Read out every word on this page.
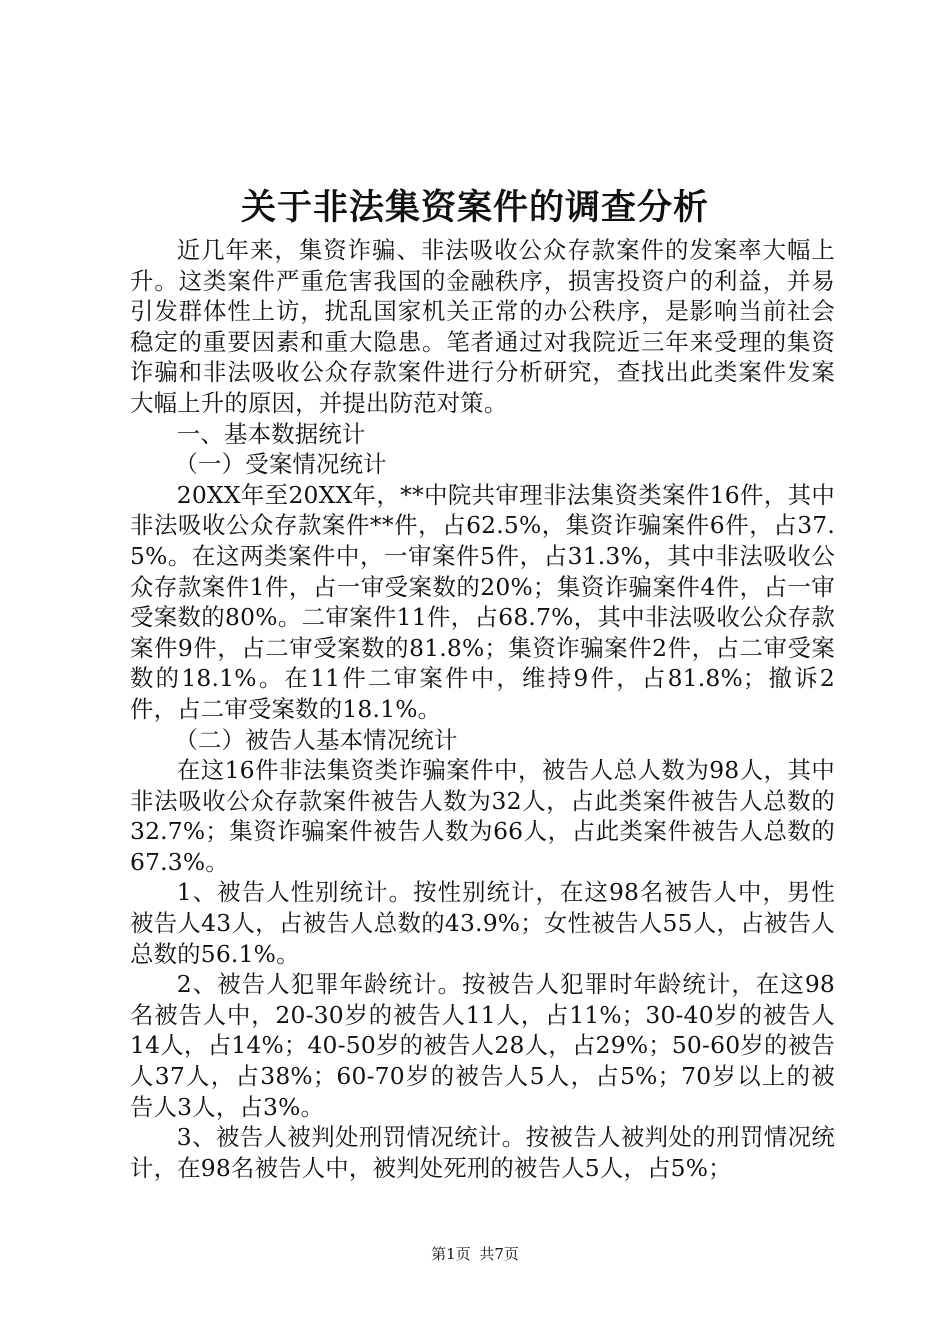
关于非法集资案件的调查分析

近几年来，集资诈骗、非法吸收公众存款案件的发案率大幅上升。这类案件严重危害我国的金融秩序，损害投资户的利益，并易引发群体性上访，扰乱国家机关正常的办公秩序，是影响当前社会稳定的重要因素和重大隐患。笔者通过对我院近三年来受理的集资诈骗和非法吸收公众存款案件进行分析研究，查找出此类案件发案大幅上升的原因，并提出防范对策。

一、基本数据统计

（一）受案情况统计

20XX年至20XX年，**中院共审理非法集资类案件16件，其中非法吸收公众存款案件**件，占62.5%，集资诈骗案件6件，占37.5%。在这两类案件中，一审案件5件，占31.3%，其中非法吸收公众存款案件1件，占一审受案数的20%；集资诈骗案件4件，占一审受案数的80%。二审案件11件，占68.7%，其中非法吸收公众存款案件9件，占二审受案数的81.8%；集资诈骗案件2件，占二审受案数的18.1%。在11件二审案件中，维持9件，占81.8%；撤诉2件，占二审受案数的18.1%。

（二）被告人基本情况统计

在这16件非法集资类诈骗案件中，被告人总人数为98人，其中非法吸收公众存款案件被告人数为32人，占此类案件被告人总数的32.7%；集资诈骗案件被告人数为66人，占此类案件被告人总数的67.3%。

1、被告人性别统计。按性别统计，在这98名被告人中，男性被告人43人，占被告人总数的43.9%；女性被告人55人，占被告人总数的56.1%。

2、被告人犯罪年龄统计。按被告人犯罪时年龄统计，在这98名被告人中，20-30岁的被告人11人，占11%；30-40岁的被告人14人，占14%；40-50岁的被告人28人，占29%；50-60岁的被告人37人，占38%；60-70岁的被告人5人，占5%；70岁以上的被告人3人，占3%。

3、被告人被判处刑罚情况统计。按被告人被判处的刑罚情况统计，在98名被告人中，被判处死刑的被告人5人，占5%；

第1页 共7页
